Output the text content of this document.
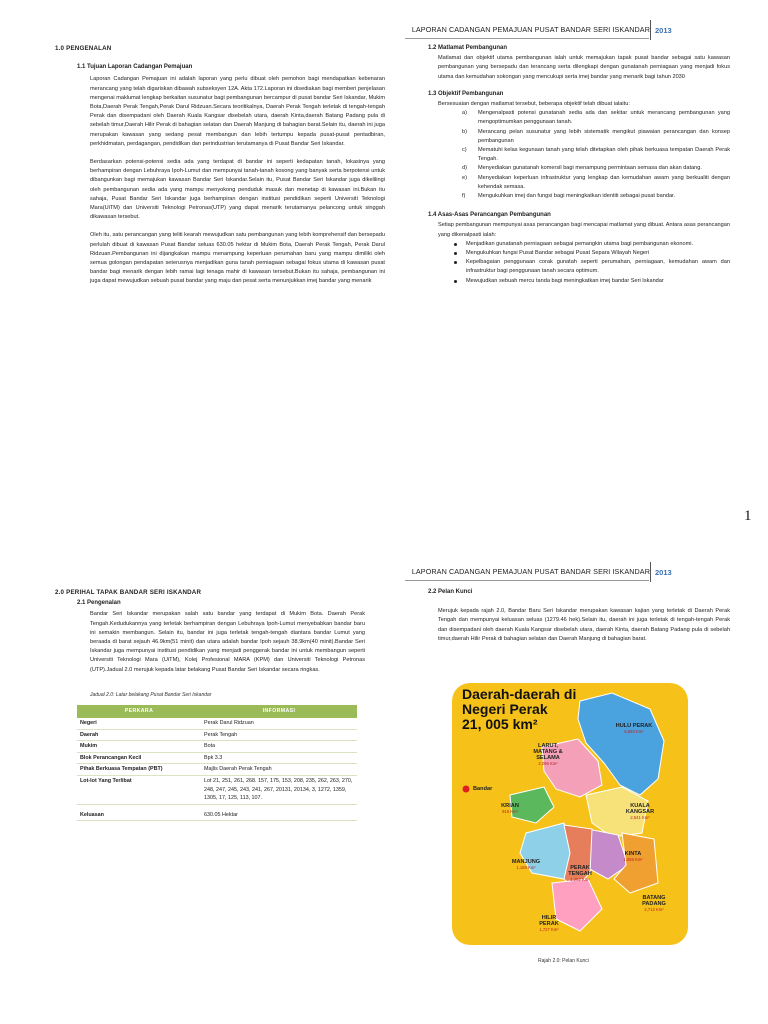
LAPORAN CADANGAN PEMAJUAN PUSAT BANDAR SERI ISKANDAR 2013
1.0 PENGENALAN
1.1 Tujuan Laporan Cadangan Pemajuan

Laporan Cadangan Pemajuan ini adalah laporan yang perlu dibuat oleh pemohon bagi mendapatkan kebenaran merancang yang telah digariskan dibawah subseksyen 12A. Akta 172.Laporan ini disediakan bagi memberi penjelasan mengenai maklumat lengkap berkaitan susunatur bagi pembangunan bercampur di pusat bandar Seri Iskandar, Mukim Bota,Daerah Perak Tengah,Perak Darul Ridzuan.Secara teoritikalnya, Daerah Perak Tengah terletak di tengah-tengah Perak dan disempadani oleh Daerah Kuala Kangsar disebelah utara, daerah Kinta,daerah Batang Padang pula di sebelah timur,Daerah Hilir Perak di bahagian selatan dan Daerah Manjung di bahagian barat.Selain itu, daerah ini juga merupakan kawasan yang sedang pesat membangun dan lebih tertumpu kepada pusat-pusat pentadbiran, perkhidmatan, perdagangan, pendidikan dan perindustrian terutamanya di Pusat Bandar Seri Iskandar.

Berdasarkan potensi-potensi sedia ada yang terdapat di bandar ini seperti kedapatan tanah, lokasinya yang berhampiran dengan Lebuhraya Ipoh-Lumut dan mempunyai tanah-tanah kosong yang banyak serta berpotensi untuk dibangunkan bagi memajukan kawasan Bandar Seri Iskandar.Selain itu, Pusat Bandar Seri Iskandar juga dikelilingi oleh pembangunan sedia ada yang mampu menyokong penduduk masuk dan menetap di kawasan ini.Bukan itu sahaja, Pusat Bandar Seri Iskandar juga berhampiran dengan institusi pendidikan seperti Universiti Teknologi Mara(UiTM) dan Universiti Teknologi Petronas(UTP) yang dapat menarik terutamanya pelancong untuk singgah dikawasan tersebut.

Oleh itu, satu perancangan yang teliti kearah mewujudkan satu pembangunan yang lebih komprehensif dan bersepadu perlulah dibuat di kawasan Pusat Bandar seluas 630.05 hektar di Mukim Bota, Daerah Perak Tengah, Perak Darul Ridzuan.Pembangunan ini dijangkakan mampu menampung keperluan perumahan baru yang mampu dimiliki oleh semua golongan pendapatan seterusnya menjadikan guna tanah perniagaan sebagai fokus utama di kawasan pusat bandar bagi menarik dengan lebih ramai lagi tenaga mahir di kawasan tersebut.Bukan itu sahaja, pembangunan ini juga dapat mewujudkan sebuah pusat bandar yang maju dan pesat serta menunjukkan imej bandar yang menarik

1.2 Matlamat Pembangunan

Matlamat dan objektif utama pembangunan ialah untuk memajukan tapak pusat bandar sebagai satu kawasan pembangunan yang bersepadu dan terancang serta dilengkapi dengan gunatanah perniagaan yang menjadi fokus utama dan kemudahan sokongan yang mencukupi serta imej bandar yang menarik bagi tahun 2030

1.3 Objektif Pembangunan

Bersesuaian dengan matlamat tersebut, beberapa objektif telah dibuat ialaitu:

a) Mengenalpasti potensi gunatanah sedia ada dan sekitar untuk merancang pembangunan yang mengoptimumkan penggunaan tanah.
b) Merancang pelan susunatur yang lebih sistematik mengikut piawaian perancangan dan konsep pembangunan
c) Mematuhi kelas kegunaan tanah yang telah ditetapkan oleh pihak berkuasa tempatan Daerah Perak Tengah.
d) Menyediakan gunatanah komersil bagi menampung permintaan semasa dan akan datang.
e) Menyediakan keperluan infrastruktur yang lengkap dan kemudahan awam yang berkualiti dengan kehendak semasa.
f) Mengukuhkan imej dan fungsi bagi meningkatkan identiti sebagai pusat bandar.
1.4 Asas-Asas Perancangan Pembangunan

Setiap pembangunan mempunyai asas perancangan bagi mencapai matlamat yang dibuat. Antara asas perancangan yang dikenalpasti ialah:

Menjadikan gunatanah perniagaan sebagai pemangkin utama bagi pembangunan ekonomi.
Mengukuhkan fungsi Pusat Bandar sebagai Pusat Separa Wilayah Negeri
Kepelbagaian penggunaan corak gunatah seperti perumahan, perniagaan, kemudahan awam dan infrastruktur bagi penggunaan tanah secara optimum.
Mewujudkan sebuah mercu tanda bagi meningkatkan imej bandar Seri Iskandar
1
LAPORAN CADANGAN PEMAJUAN PUSAT BANDAR SERI ISKANDAR 2013
2.0 PERIHAL TAPAK BANDAR SERI ISKANDAR
2.1 Pengenalan

Bandar Seri Iskandar merupakan salah satu bandar yang terdapat di Mukim Bota. Daerah Perak Tengah.Kedudukannya yang terletak berhampiran dengan Lebuhraya Ipoh-Lumut menyebabkan bandar baru ini semakin membangun. Selain itu, bandar ini juga terletak tengah-tengah diantara bandar Lumut yang beraada di barat sejauh 46.9km(51 minit) dan utara adalah bandar Ipoh sejauh 38.9km(40 minit).Bandar Seri Iskandar juga mempunyai institusi pendidikan yang menjadi penggerak bandar ini untuk membangun seperti Universiti Teknologi Mara (UiTM), Kolej Profesional MARA (KPM) dan Universiti Teknologi Petronas (UTP).Jadual 2.0 merujuk kepada latar belakang Pusat Bandar Seri Iskandar secara ringkas.

Jadual 2.0: Latar belakang Pusat Bandar Seri Iskandar
PERKARA	INFORMASI
Negeri	Perak Darul Ridzuan
Daerah	Perak Tengah
Mukim	Bota
Blok Perancangan Kecil	Bpk 3.3
Pihak Berkuasa Tempatan (PBT)	Majlis Daerah Perak Tengah
Lot-lot Yang Terlibat	Lot 21, 251, 261, 268. 157, 175, 153, 208, 235, 262, 263, 270, 248, 247, 245, 243, 241, 267, 20131, 20134, 3, 1272, 1359, 1305, 17, 125, 113, 107.
Keluasan	630.05 Hektar
2.2 Pelan Kunci

Merujuk kepada rajah 2.0, Bandar Baru Seri Iskandar merupakan kawasan kajian yang terletak di Daerah Perak Tengah dan mempunyai keluasan seluas (1279.46 hek).Selain itu, daerah ini juga terletak di tengah-tengah Perak dan disempadani oleh daerah Kuala Kangsar disebelah utara, daerah Kinta, daerah Batang Padang pula di sebelah timur,daerah Hilir Perak di bahagian selatan dan Daerah Manjung di bahagian barat.

Daerah-daerah di
Negeri Perak
21, 005 km²
Bandar
HULU PERAK
6,563 Km²
LARUT, MATANG & SELAMA
2,096 Km²
KRIAN
916 Km²
KUALA KANGSAR
2,541 Km²
KINTA
1,958 Km²
MANJUNG
1,168 Km²	PERAK TENGAH
1,282 Km²
BATANG PADANG
2,712 Km²
HILIR PERAK
1,727 Km²
Rajah 2.0: Pelan Kunci
